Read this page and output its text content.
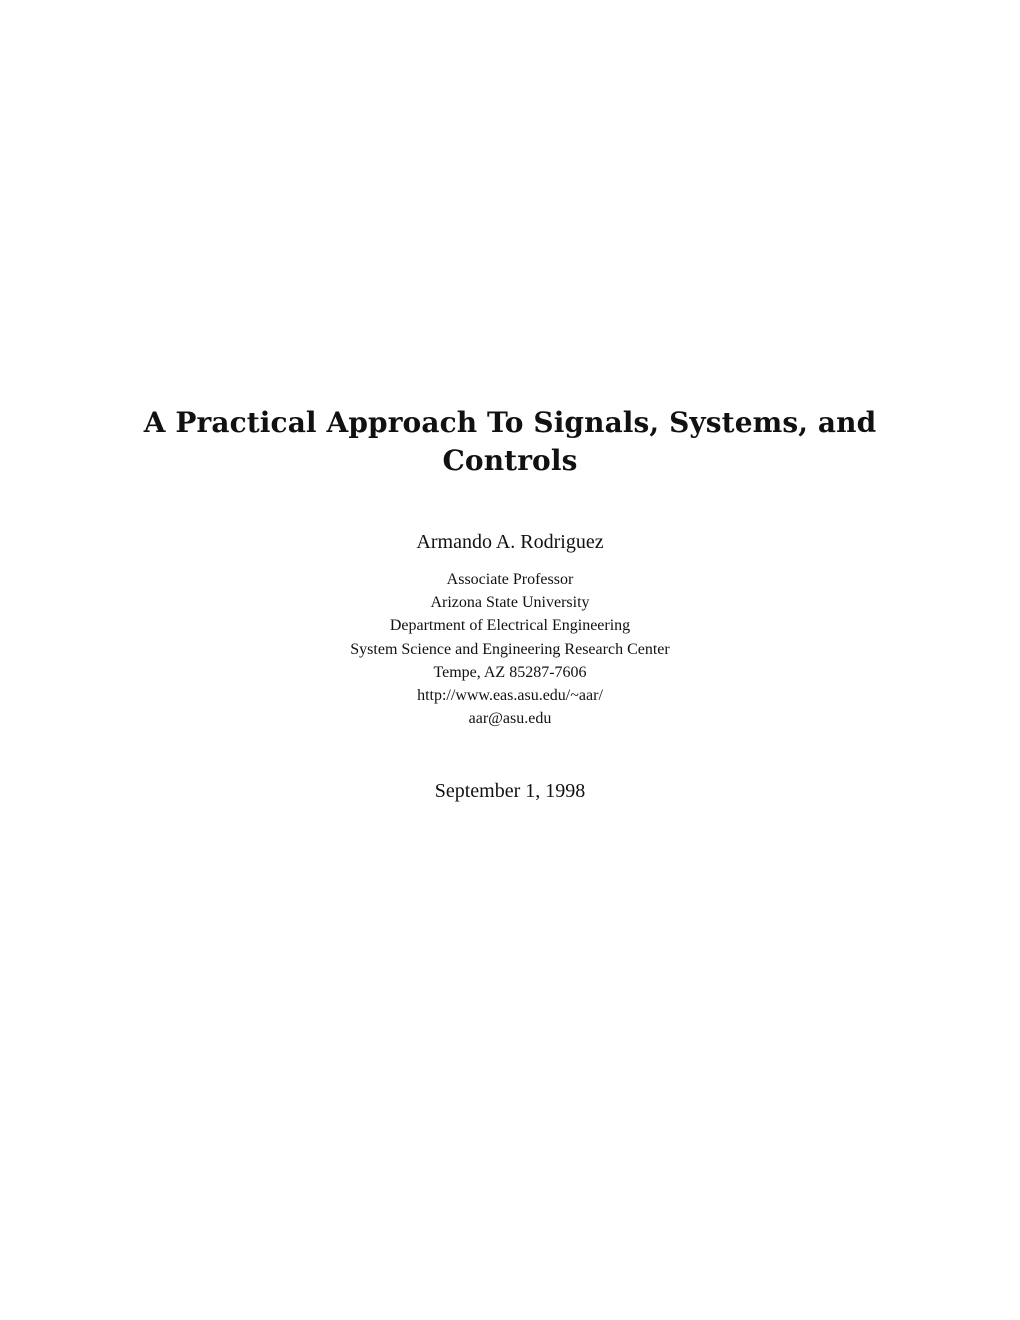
A Practical Approach To Signals, Systems, and
Controls
Armando A. Rodriguez
Associate Professor
Arizona State University
Department of Electrical Engineering
System Science and Engineering Research Center
Tempe, AZ 85287-7606
http://www.eas.asu.edu/~aar/
aar@asu.edu
September 1, 1998
